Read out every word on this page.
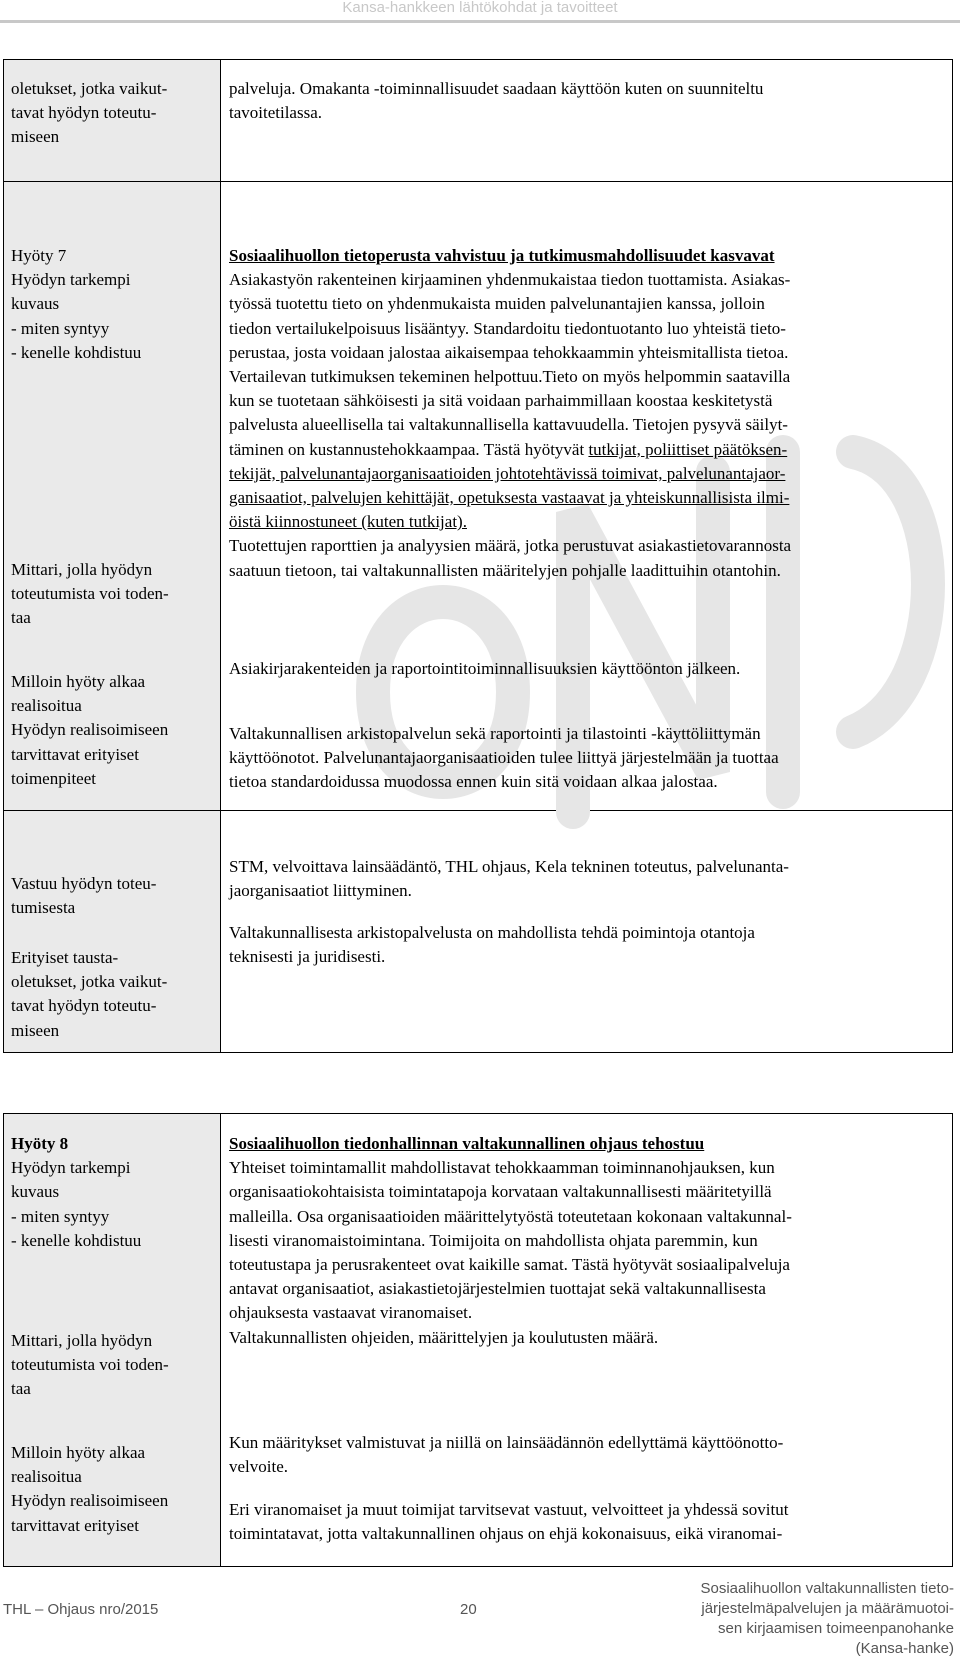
Kansa-hankkeen lähtökohdat ja tavoitteet

oletukset, jotka vaikut-
tavat hyödyn toteutu-
miseen

palveluja. Omakanta -toiminnallisuudet saadaan käyttöön kuten on suunniteltu
tavoitetilassa.

Hyöty 7
Hyödyn tarkempi
kuvaus
- miten syntyy
- kenelle kohdistuu

Mittari, jolla hyödyn
toteutumista voi toden-
taa

Milloin hyöty alkaa
realisoitua
Hyödyn realisoimiseen
tarvittavat erityiset
toimenpiteet

Sosiaalihuollon tietoperusta vahvistuu ja tutkimusmahdollisuudet kasvavat
Asiakastyön rakenteinen kirjaaminen yhdenmukaistaa tiedon tuottamista. Asiakas-
työssä tuotettu tieto on yhdenmukaista muiden palvelunantajien kanssa, jolloin
tiedon vertailukelpoisuus lisääntyy. Standardoitu tiedontuotanto luo yhteistä tieto-
perustaa, josta voidaan jalostaa aikaisempaa tehokkaammin yhteismitallista tietoa.
Vertailevan tutkimuksen tekeminen helpottuu.Tieto on myös helpommin saatavilla
kun se tuotetaan sähköisesti ja sitä voidaan parhaimmillaan koostaa keskitetystä
palvelusta alueellisella tai valtakunnallisella kattavuudella. Tietojen pysyvä säilyt-
täminen on kustannustehokkaampaa. Tästä hyötyvät tutkijat, poliittiset päätöksen-
tekijät, palvelunantajaorganisaatioiden johtotehtävissä toimivat, palvelunantajaor-
ganisaatiot, palvelujen kehittäjät, opetuksesta vastaavat ja yhteiskunnallisista ilmi-
öistä kiinnostuneet (kuten tutkijat).
Tuotettujen raporttien ja analyysien määrä, jotka perustuvat asiakastietovarannosta
saatuun tietoon, tai valtakunnallisten määritelyjen pohjalle laadittuihin otantohin.

Asiakirjarakenteiden ja raportointitoiminnallisuuksien käyttöönton jälkeen.

Valtakunnallisen arkistopalvelun sekä raportointi ja tilastointi -käyttöliittymän
käyttöönotot. Palvelunantajaorganisaatioiden tulee liittyä järjestelmään ja tuottaa
tietoa standardoidussa muodossa ennen kuin sitä voidaan alkaa jalostaa.

Vastuu hyödyn toteu-
tumisesta

Erityiset tausta-
oletukset, jotka vaikut-
tavat hyödyn toteutu-
miseen

STM, velvoittava lainsäädäntö, THL ohjaus, Kela tekninen toteutus, palvelunanta-
jaorganisaatiot liittyminen.

Valtakunnallisesta arkistopalvelusta on mahdollista tehdä poimintoja otantoja
teknisesti ja juridisesti.

Hyöty 8
Hyödyn tarkempi
kuvaus
- miten syntyy
- kenelle kohdistuu

Mittari, jolla hyödyn
toteutumista voi toden-
taa

Milloin hyöty alkaa
realisoitua
Hyödyn realisoimiseen
tarvittavat erityiset

Sosiaalihuollon tiedonhallinnan valtakunnallinen ohjaus tehostuu
Yhteiset toimintamallit mahdollistavat tehokkaamman toiminnanohjauksen, kun
organisaatiokohtaisista toimintatapoja korvataan valtakunnallisesti määritetyillä
malleilla. Osa organisaatioiden määrittelytyöstä toteutetaan kokonaan valtakunnal-
lisesti viranomaistoimintana. Toimijoita on mahdollista ohjata paremmin, kun
toteutustapa ja perusrakenteet ovat kaikille samat. Tästä hyötyvät sosiaalipalveluja
antavat organisaatiot, asiakastietojärjestelmien tuottajat sekä valtakunnallisesta
ohjauksesta vastaavat viranomaiset.
Valtakunnallisten ohjeiden, määrittelyjen ja koulutusten määrä.

Kun määritykset valmistuvat ja niillä on lainsäädännön edellyttämä käyttöönotto-
velvoite.

Eri viranomaiset ja muut toimijat tarvitsevat vastuut, velvoitteet ja yhdessä sovitut
toimintatavat, jotta valtakunnallinen ohjaus on ehjä kokonaisuus, eikä viranomai-

THL – Ohjaus nro/2015	20
Sosiaalihuollon valtakunnallisten tieto-
järjestelmäpalvelujen ja määrämuotoi-
sen kirjaamisen toimeenpanohanke
(Kansa-hanke)
